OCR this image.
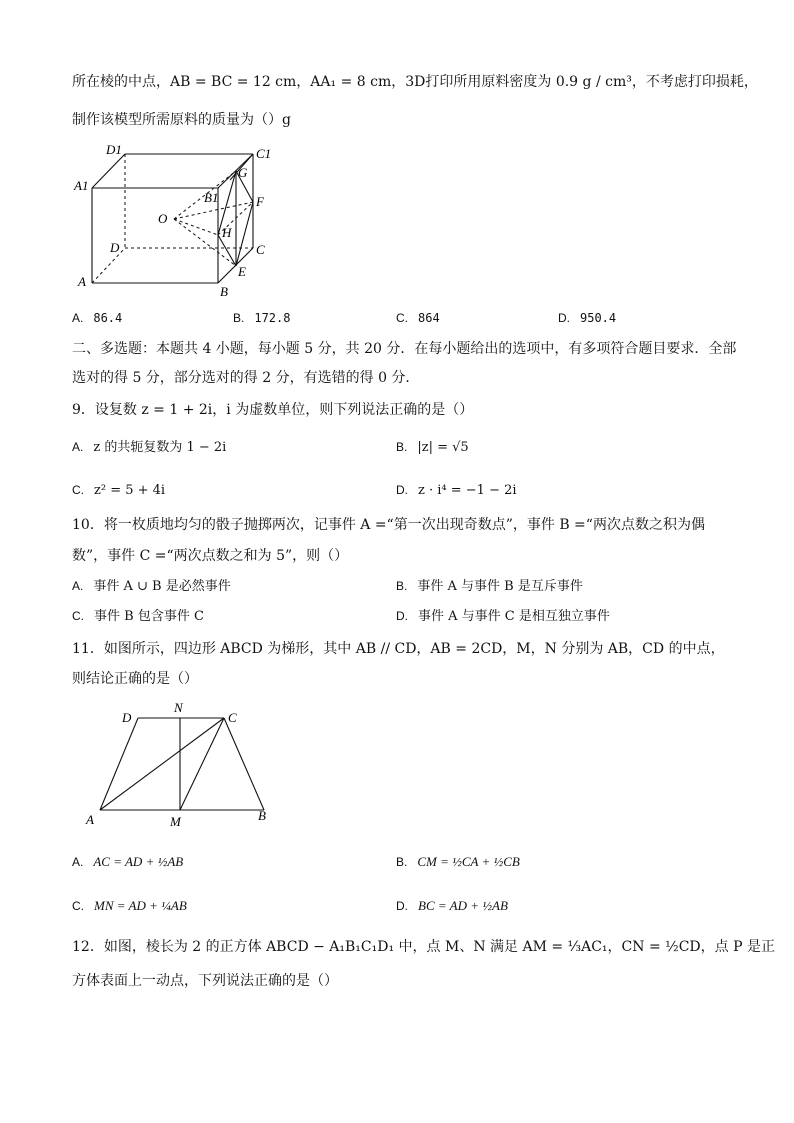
所在棱的中点，AB = BC = 12 cm，AA₁ = 8 cm，3D打印所用原料密度为 0.9 g / cm³，不考虑打印损耗，
制作该模型所需原料的质量为（）g
D1	C1
A1
G
B1	F
O
H
D	C
A
E
B
A. 86.4	B. 172.8	C. 864	D. 950.4
二、多选题：本题共 4 小题，每小题 5 分，共 20 分．在每小题给出的选项中，有多项符合题目要求．全部
选对的得 5 分，部分选对的得 2 分，有选错的得 0 分．
9．设复数 z = 1 + 2i，i 为虚数单位，则下列说法正确的是（）
A. z 的共轭复数为 1 − 2i	B. |z| = √5
C. z² = 5 + 4i	D. z · i⁴ = −1 − 2i
10．将一枚质地均匀的骰子抛掷两次，记事件 A =“第一次出现奇数点”，事件 B =“两次点数之积为偶
数”，事件 C =“两次点数之和为 5”，则（）
A. 事件 A ∪ B 是必然事件	B. 事件 A 与事件 B 是互斥事件
C. 事件 B 包含事件 C	D. 事件 A 与事件 C 是相互独立事件
11．如图所示，四边形 ABCD 为梯形，其中 AB // CD，AB = 2CD，M，N 分别为 AB，CD 的中点，
则结论正确的是（）
D
N
C
A	M	B
A. AC = AD + ½AB	B. CM = ½CA + ½CB
C. MN = AD + ¼AB	D. BC = AD + ½AB
12．如图，棱长为 2 的正方体 ABCD − A₁B₁C₁D₁ 中，点 M、N 满足 AM = ⅓AC₁，CN = ½CD，点 P 是正
方体表面上一动点，下列说法正确的是（）
